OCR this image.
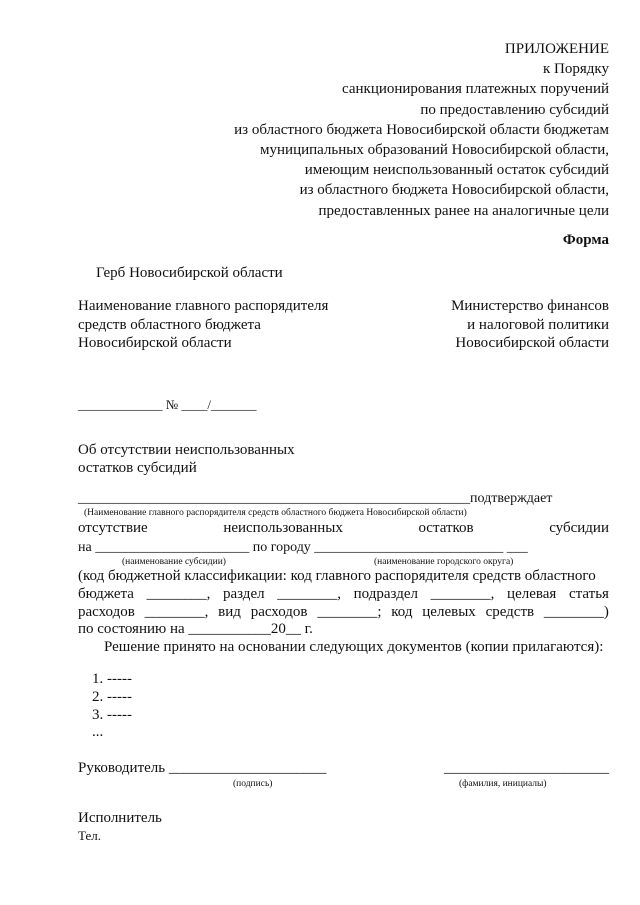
ПРИЛОЖЕНИЕ
к Порядку
санкционирования платежных поручений
по предоставлению субсидий
из областного бюджета Новосибирской области бюджетам
муниципальных образований Новосибирской области,
имеющим неиспользованный остаток субсидий
из областного бюджета Новосибирской области,
предоставленных ранее на аналогичные цели
Форма
Герб Новосибирской области
Наименование главного распорядителя
средств областного бюджета
Новосибирской области
Министерство финансов
и налоговой политики
Новосибирской области
_____________ № ____/_______
Об отсутствии неиспользованных
остатков субсидий
________________________________________________________подтверждает
(Наименование главного распорядителя средств областного бюджета Новосибирской области)
отсутствие	неиспользованных	остатков	субсидии
на ______________________ по городу ___________________________ ___
(наименование субсидии)	(наименование городского округа)
(код бюджетной классификации: код главного распорядителя средств областного
бюджета ________, раздел ________, подраздел ________, целевая статья
расходов ________, вид расходов ________; код целевых средств ________)
по состоянию на ___________20__ г.
Решение принято на основании следующих документов (копии прилагаются):
1. -----
2. -----
3. -----
...
Руководитель _____________________	______________________
(подпись)	(фамилия, инициалы)
Исполнитель
Тел.
